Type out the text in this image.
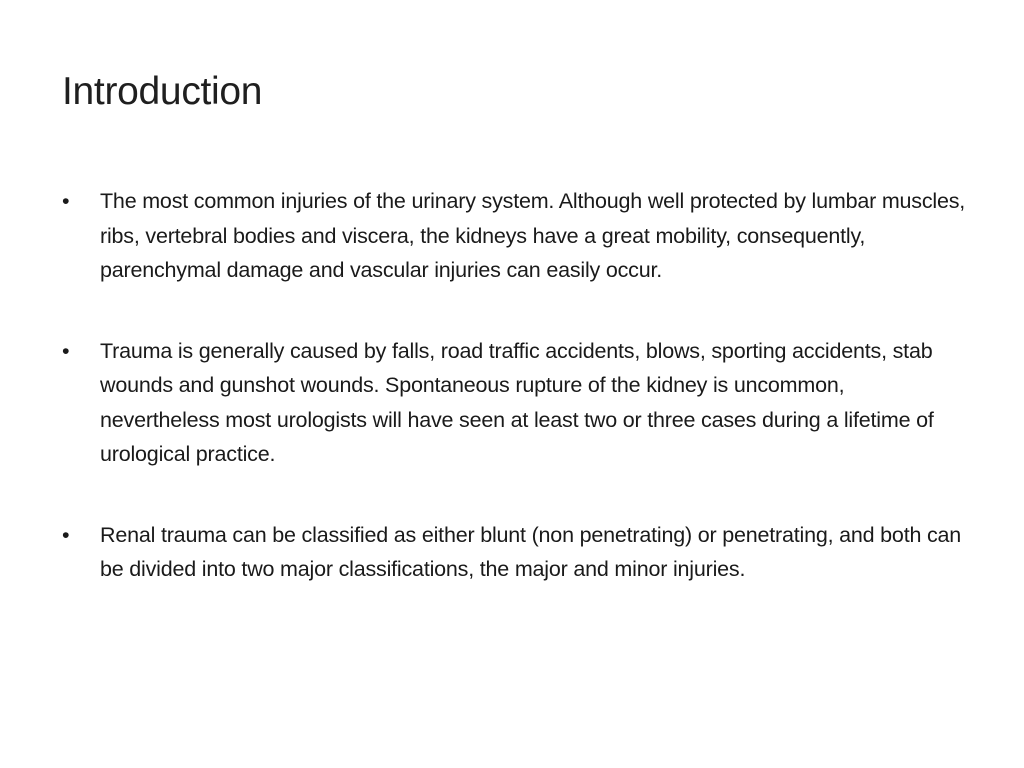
Introduction
•	The most common injuries of the urinary system. Although well protected by lumbar muscles, ribs, vertebral bodies and viscera, the kidneys have a great mobility, consequently, parenchymal damage and vascular injuries can easily occur.
•	Trauma is generally caused by falls, road traffic accidents, blows, sporting accidents, stab wounds and gunshot wounds. Spontaneous rupture of the kidney is uncommon, nevertheless most urologists will have seen at least two or three cases during a lifetime of urological practice.
•	Renal trauma can be classified as either blunt (non penetrating) or penetrating, and both can be divided into two major classifications, the major and minor injuries.
